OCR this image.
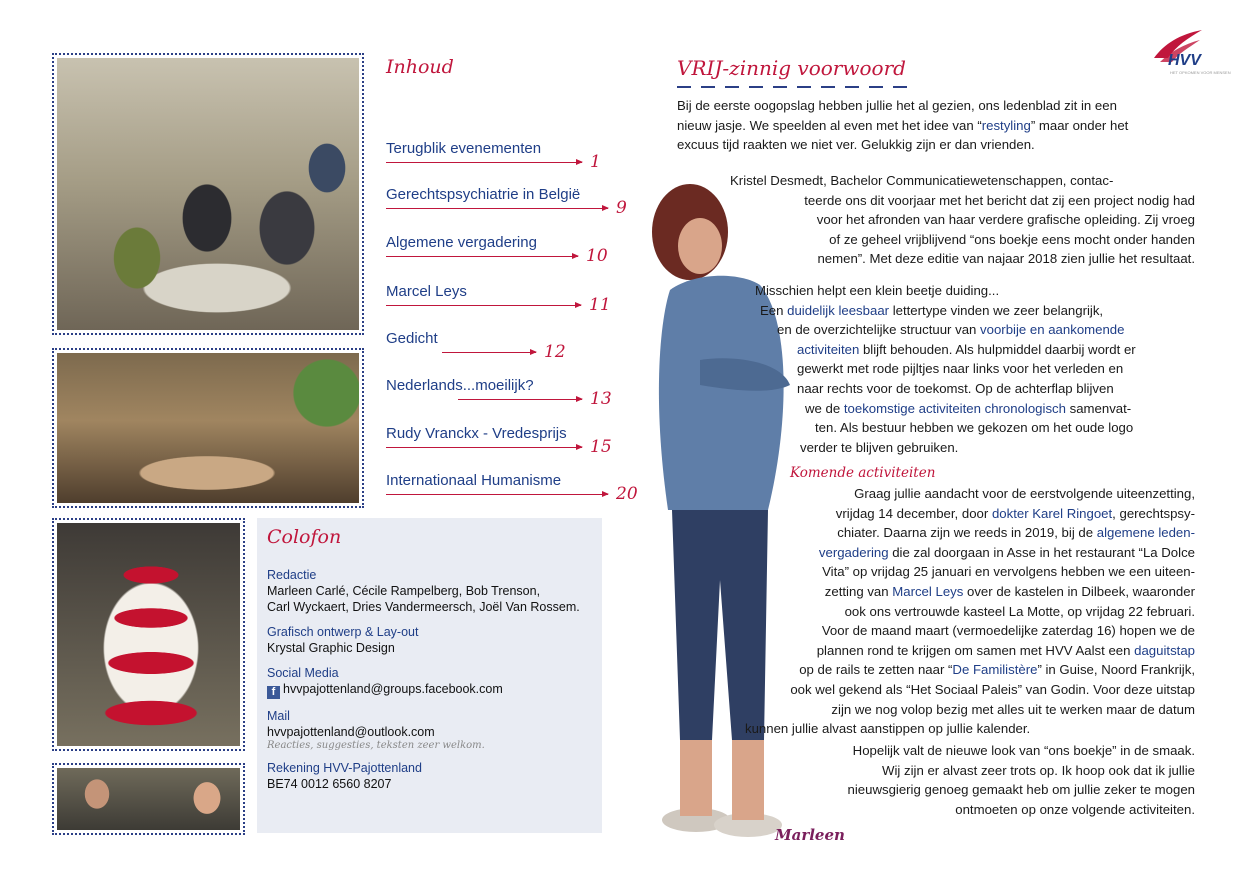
Inhoud
Terugblik evenementen
1
Gerechtspsychiatrie in België
9
Algemene vergadering
10
Marcel Leys
11
Gedicht
12
Nederlands...moeilijk?
13
Rudy Vranckx - Vredesprijs
15
Internationaal Humanisme
20
Colofon
Redactie
Marleen Carlé, Cécile Rampelberg, Bob Trenson,
Carl Wyckaert, Dries Vandermeersch, Joël Van Rossem.
Grafisch ontwerp & Lay-out
Krystal Graphic Design
Social Media
f hvvpajottenland@groups.facebook.com
Mail
hvvpajottenland@outlook.com
Reacties, suggesties, teksten zeer welkom.
Rekening HVV-Pajottenland
BE74 0012 6560 8207
HVV
HET OPKOMEN VOOR MENSEN
VRIJ-zinnig voorwoord
Bij de eerste oogopslag hebben jullie het al gezien, ons ledenblad zit in een
nieuw jasje. We speelden al even met het idee van “restyling” maar onder het
excuus tijd raakten we niet ver. Gelukkig zijn er dan vrienden.
Kristel Desmedt, Bachelor Communicatiewetenschappen, contac-
teerde ons dit voorjaar met het bericht dat zij een project nodig had
voor het afronden van haar verdere grafische opleiding. Zij vroeg
of ze geheel vrijblijvend “ons boekje eens mocht onder handen
nemen”. Met deze editie van najaar 2018 zien jullie het resultaat.
Misschien helpt een klein beetje duiding...
Een duidelijk leesbaar lettertype vinden we zeer belangrijk,
en de overzichtelijke structuur van voorbije en aankomende
activiteiten blijft behouden. Als hulpmiddel daarbij wordt er
gewerkt met rode pijltjes naar links voor het verleden en
naar rechts voor de toekomst. Op de achterflap blijven
we de toekomstige activiteiten chronologisch samenvat-
ten. Als bestuur hebben we gekozen om het oude logo
verder te blijven gebruiken.
Komende activiteiten
Graag jullie aandacht voor de eerstvolgende uiteenzetting,
vrijdag 14 december, door dokter Karel Ringoet, gerechtspsy-
chiater. Daarna zijn we reeds in 2019, bij de algemene leden-
vergadering die zal doorgaan in Asse in het restaurant “La Dolce
Vita” op vrijdag 25 januari en vervolgens hebben we een uiteen-
zetting van Marcel Leys over de kastelen in Dilbeek, waaronder
ook ons vertrouwde kasteel La Motte, op vrijdag 22 februari.
Voor de maand maart (vermoedelijke zaterdag 16) hopen we de
plannen rond te krijgen om samen met HVV Aalst een daguitstap
op de rails te zetten naar “De Familistère” in Guise, Noord Frankrijk,
ook wel gekend als “Het Sociaal Paleis” van Godin. Voor deze uitstap
zijn we nog volop bezig met alles uit te werken maar de datum
kunnen jullie alvast aanstippen op jullie kalender.
Hopelijk valt de nieuwe look van “ons boekje” in de smaak.
Wij zijn er alvast zeer trots op. Ik hoop ook dat ik jullie
nieuwsgierig genoeg gemaakt heb om jullie zeker te mogen
ontmoeten op onze volgende activiteiten.
Marleen
